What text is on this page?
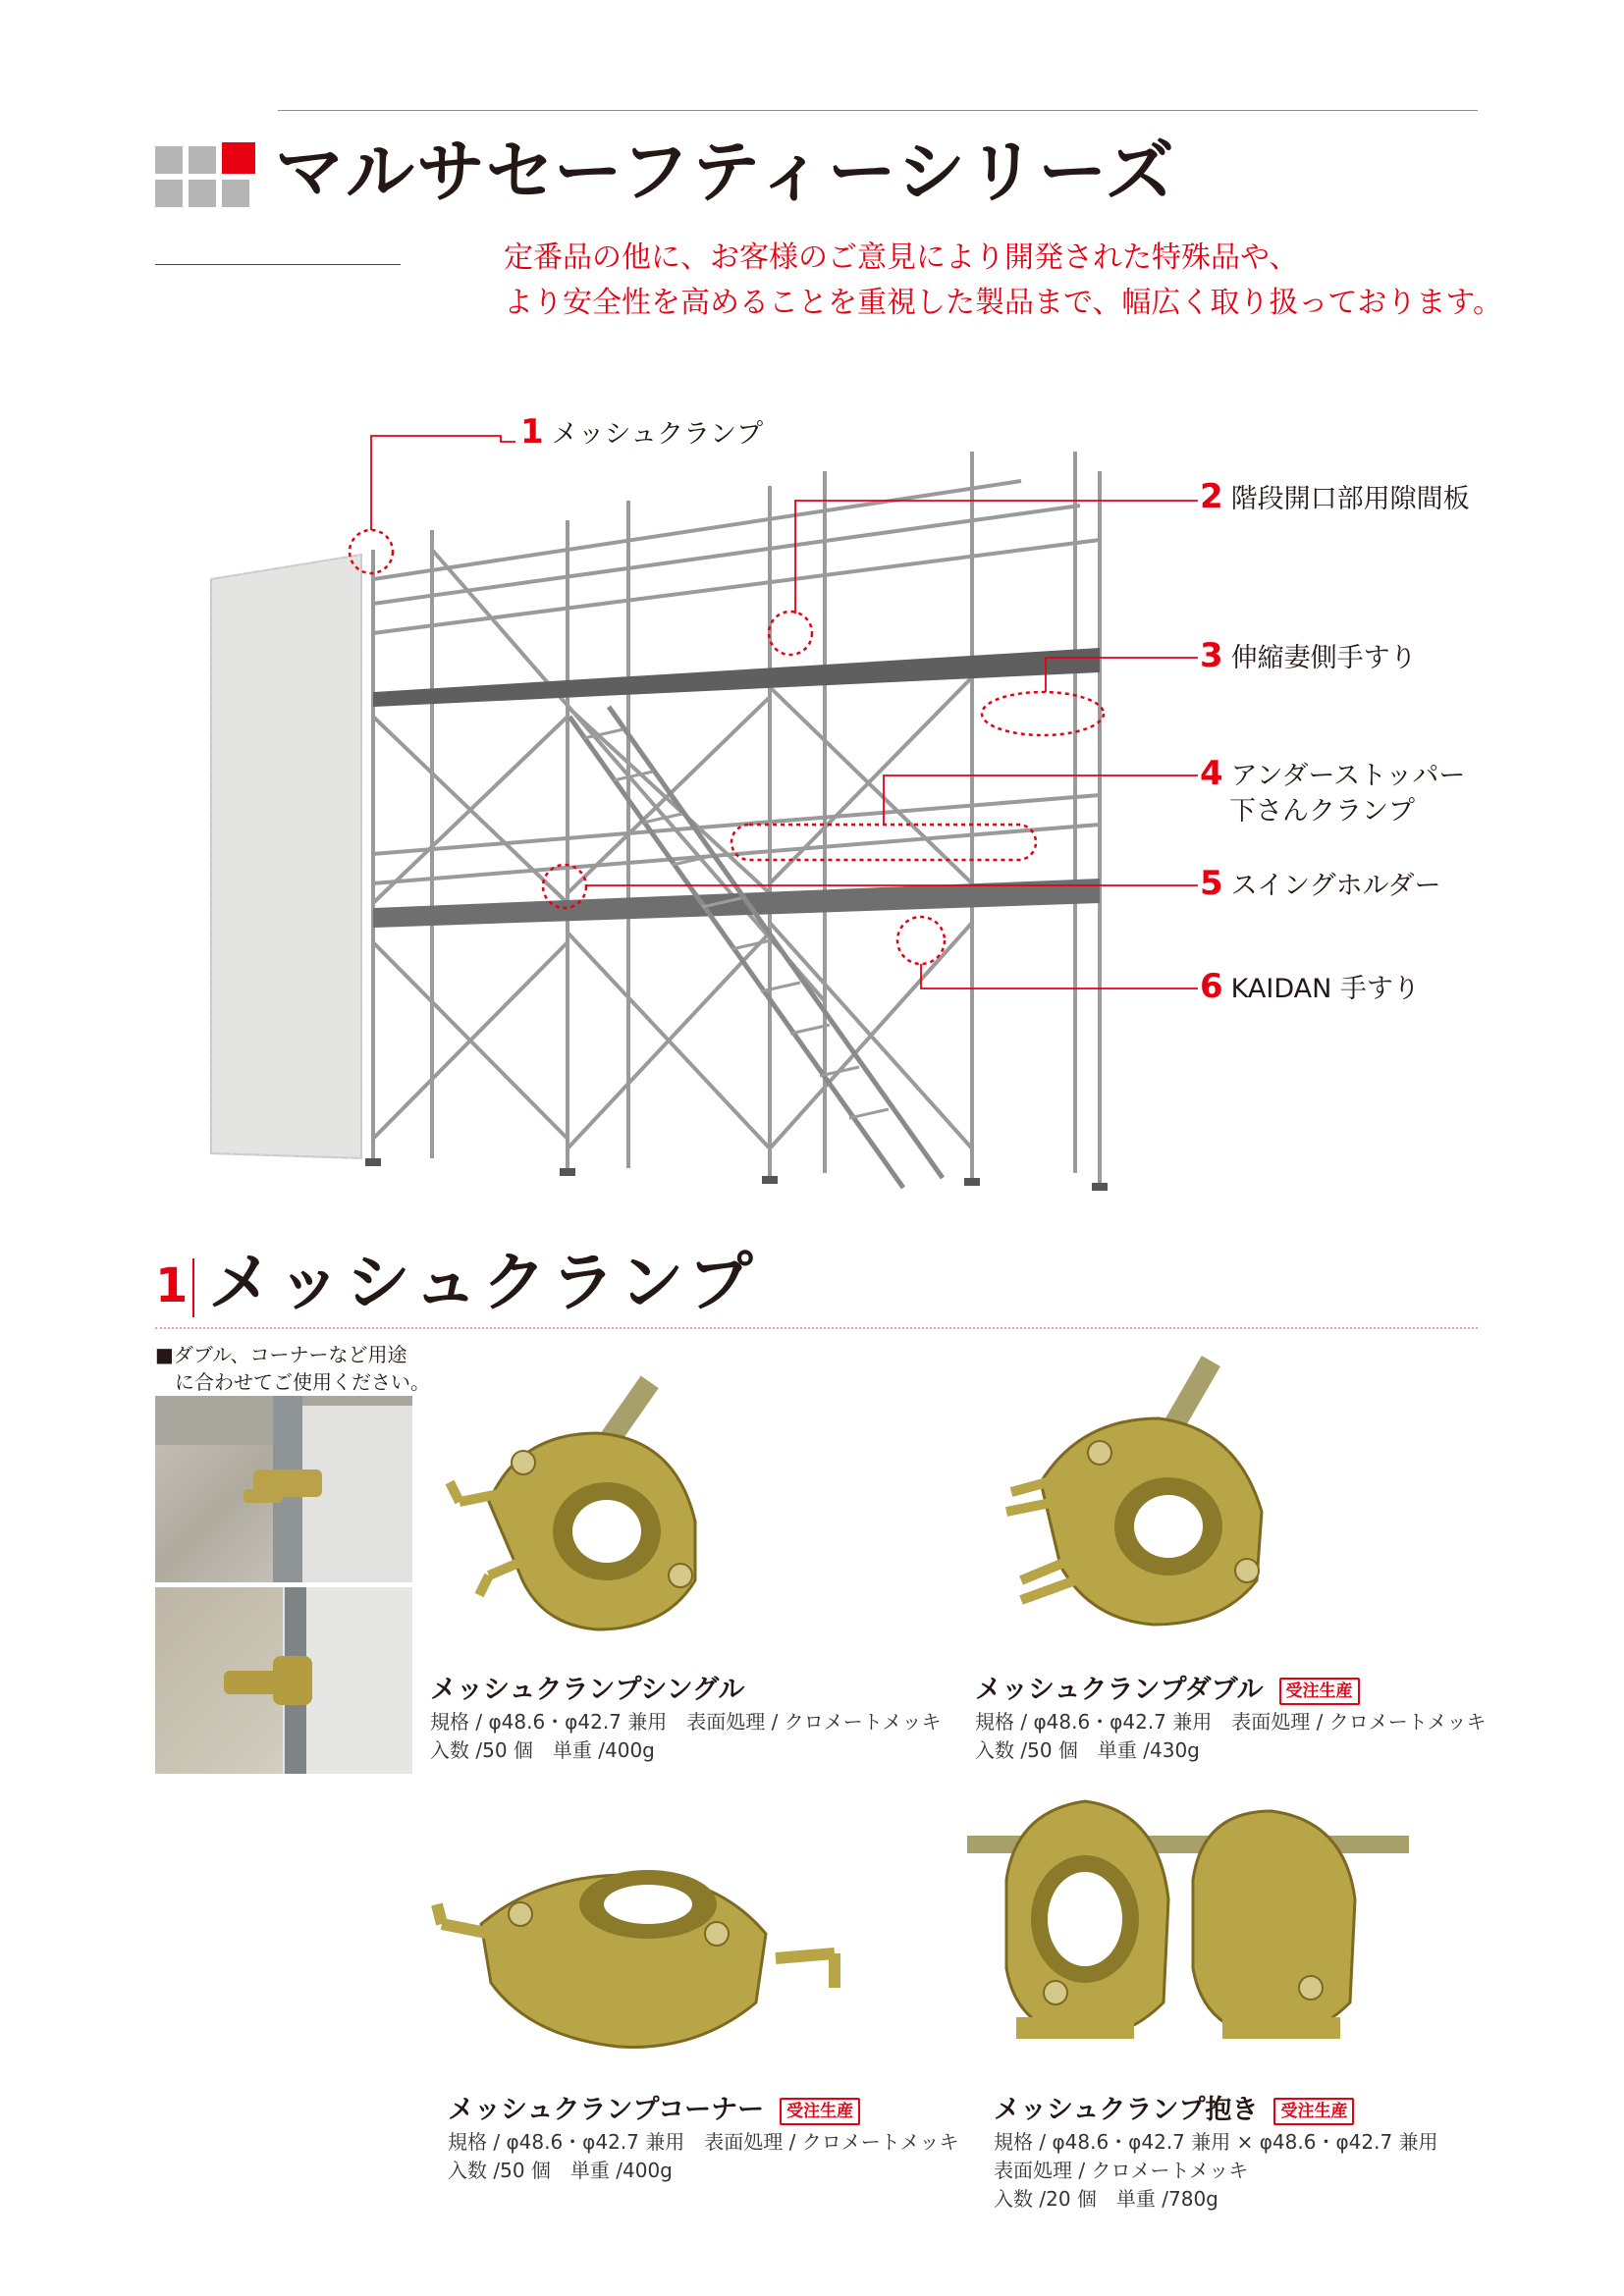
マルサセーフティーシリーズ
定番品の他に、お客様のご意見により開発された特殊品や、
より安全性を高めることを重視した製品まで、幅広く取り扱っております。
1 メッシュクランプ
2 階段開口部用隙間板
3 伸縮妻側手すり
4 アンダーストッパー
下さんクランプ
5 スイングホルダー
6 KAIDAN 手すり
1 メッシュクランプ
■ダブル、コーナーなど用途
　に合わせてご使用ください。
メッシュクランプシングル
規格 / φ48.6・φ42.7 兼用　表面処理 / クロメートメッキ
入数 /50 個　単重 /400g
メッシュクランプダブル 受注生産
規格 / φ48.6・φ42.7 兼用　表面処理 / クロメートメッキ
入数 /50 個　単重 /430g
メッシュクランプコーナー 受注生産
規格 / φ48.6・φ42.7 兼用　表面処理 / クロメートメッキ
入数 /50 個　単重 /400g
メッシュクランプ抱き 受注生産
規格 / φ48.6・φ42.7 兼用 × φ48.6・φ42.7 兼用
表面処理 / クロメートメッキ
入数 /20 個　単重 /780g
